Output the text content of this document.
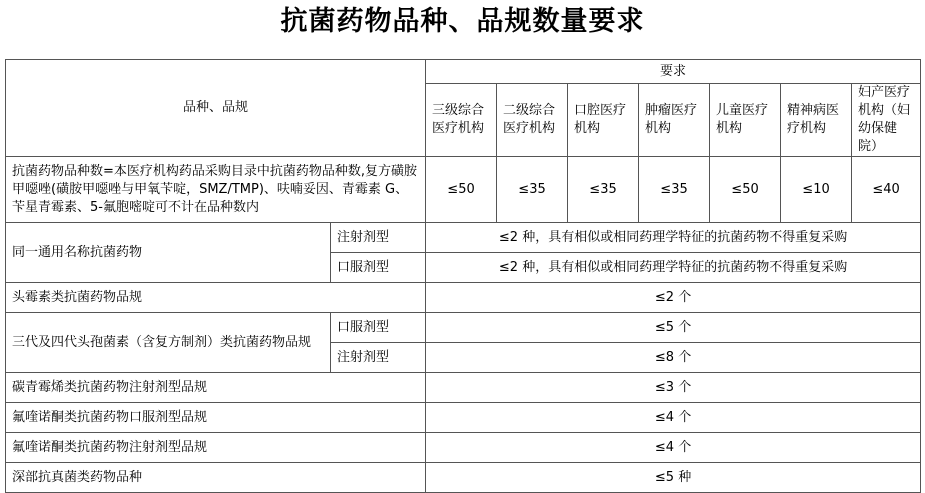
抗菌药物品种、品规数量要求
品种、品规		要求						
		三级综合医疗机构	二级综合医疗机构	口腔医疗机构	肿瘤医疗机构	儿童医疗机构	精神病医疗机构	妇产医疗机构（妇幼保健院）
抗菌药物品种数=本医疗机构药品采购目录中抗菌药物品种数,复方磺胺甲噁唑(磺胺甲噁唑与甲氧苄啶，SMZ/TMP)、呋喃妥因、青霉素 G、苄星青霉素、5-氟胞嘧啶可不计在品种数内		≤50	≤35	≤35	≤35	≤50	≤10	≤40
同一通用名称抗菌药物	注射剂型	≤2 种，具有相似或相同药理学特征的抗菌药物不得重复采购						
	口服剂型	≤2 种，具有相似或相同药理学特征的抗菌药物不得重复采购						
头霉素类抗菌药物品规		≤2 个						
三代及四代头孢菌素（含复方制剂）类抗菌药物品规	口服剂型	≤5 个						
	注射剂型	≤8 个						
碳青霉烯类抗菌药物注射剂型品规		≤3 个						
氟喹诺酮类抗菌药物口服剂型品规		≤4 个						
氟喹诺酮类抗菌药物注射剂型品规		≤4 个						
深部抗真菌类药物品种		≤5 种						
